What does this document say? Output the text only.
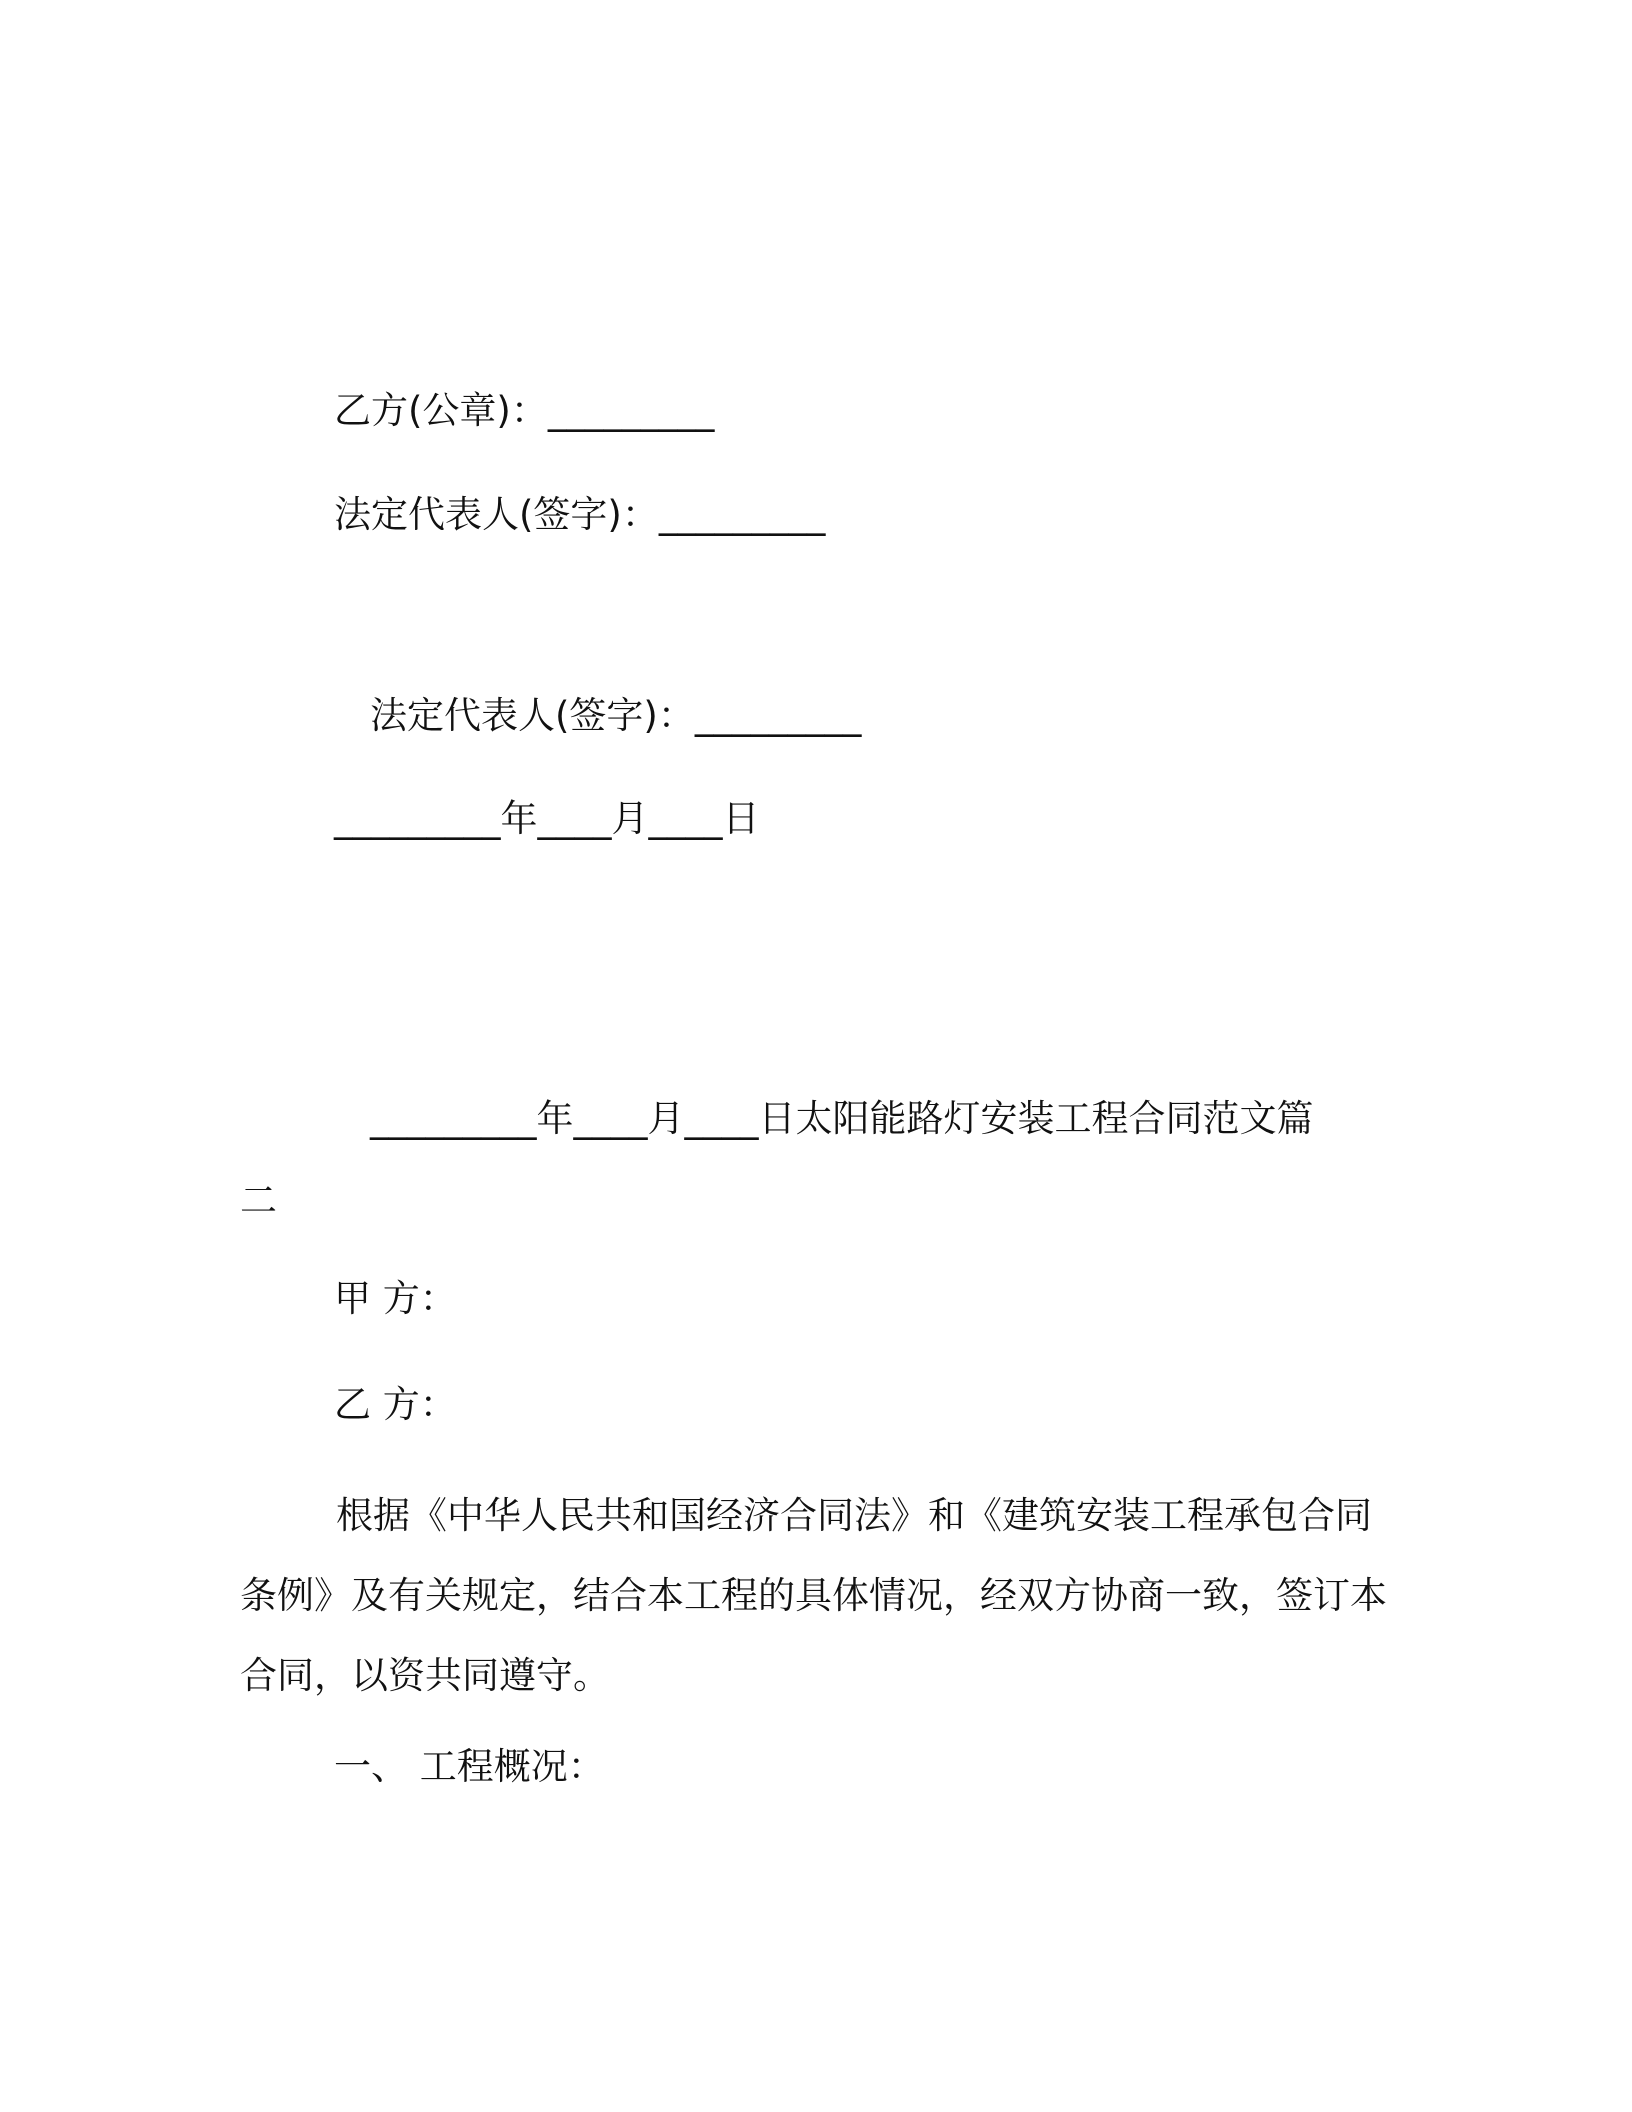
乙方(公章)：_________
法定代表人(签字)：_________
法定代表人(签字)：_________
_________年____月____日
_________年____月____日太阳能路灯安装工程合同范文篇
二
甲 方：
乙 方：

根据《中华人民共和国经济合同法》和《建筑安装工程承包合同条例》及有关规定，结合本工程的具体情况，经双方协商一致，签订本合同，以资共同遵守。

一、 工程概况：
